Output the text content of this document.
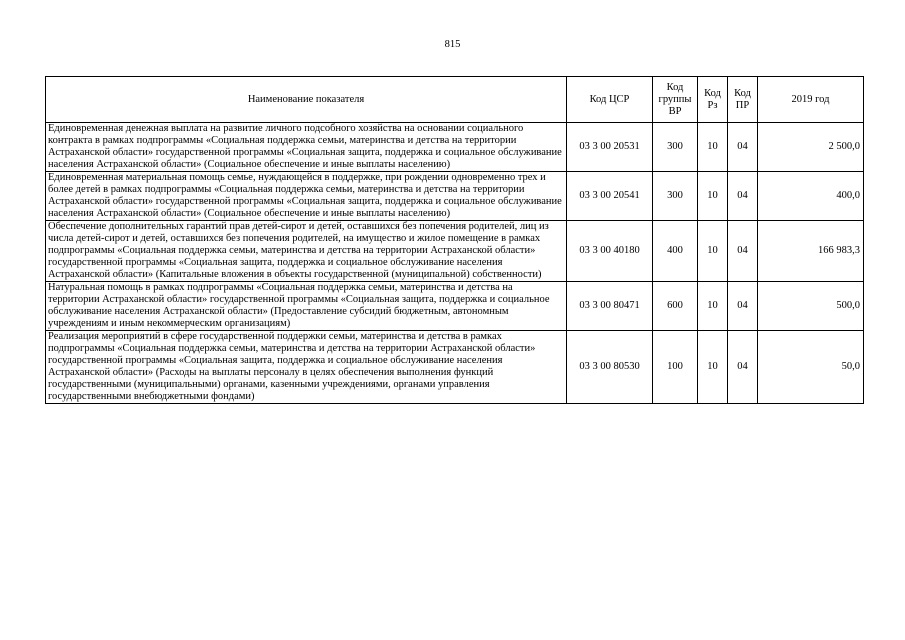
815
Наименование показателя	Код ЦСР	Код группы ВР	Код Рз	Код ПР	2019 год
Единовременная денежная выплата на развитие личного подсобного хозяйства на основании социального контракта в рамках подпрограммы «Социальная поддержка семьи, материнства и детства на территории Астраханской области» государственной программы «Социальная защита, поддержка и социальное обслуживание населения Астраханской области» (Социальное обеспечение и иные выплаты населению)	03 3 00 20531	300	10	04	2 500,0
Единовременная материальная помощь семье, нуждающейся в поддержке, при рождении одновременно трех и более детей в рамках подпрограммы «Социальная поддержка семьи, материнства и детства на территории Астраханской области» государственной программы «Социальная защита, поддержка и социальное обслуживание населения Астраханской области» (Социальное обеспечение и иные выплаты населению)	03 3 00 20541	300	10	04	400,0
Обеспечение дополнительных гарантий прав детей-сирот и детей, оставшихся без попечения родителей, лиц из числа детей-сирот и детей, оставшихся без попечения родителей, на имущество и жилое помещение в рамках подпрограммы «Социальная поддержка семьи, материнства и детства на территории Астраханской области» государственной программы «Социальная защита, поддержка и социальное обслуживание населения Астраханской области» (Капитальные вложения в объекты государственной (муниципальной) собственности)	03 3 00 40180	400	10	04	166 983,3
Натуральная помощь в рамках подпрограммы «Социальная поддержка семьи, материнства и детства на территории Астраханской области» государственной программы «Социальная защита, поддержка и социальное обслуживание населения Астраханской области» (Предоставление субсидий бюджетным, автономным учреждениям и иным некоммерческим организациям)	03 3 00 80471	600	10	04	500,0
Реализация мероприятий в сфере государственной поддержки семьи, материнства и детства в рамках подпрограммы «Социальная поддержка семьи, материнства и детства на территории Астраханской области» государственной программы «Социальная защита, поддержка и социальное обслуживание населения Астраханской области» (Расходы на выплаты персоналу в целях обеспечения выполнения функций государственными (муниципальными) органами, казенными учреждениями, органами управления государственными внебюджетными фондами)	03 3 00 80530	100	10	04	50,0
